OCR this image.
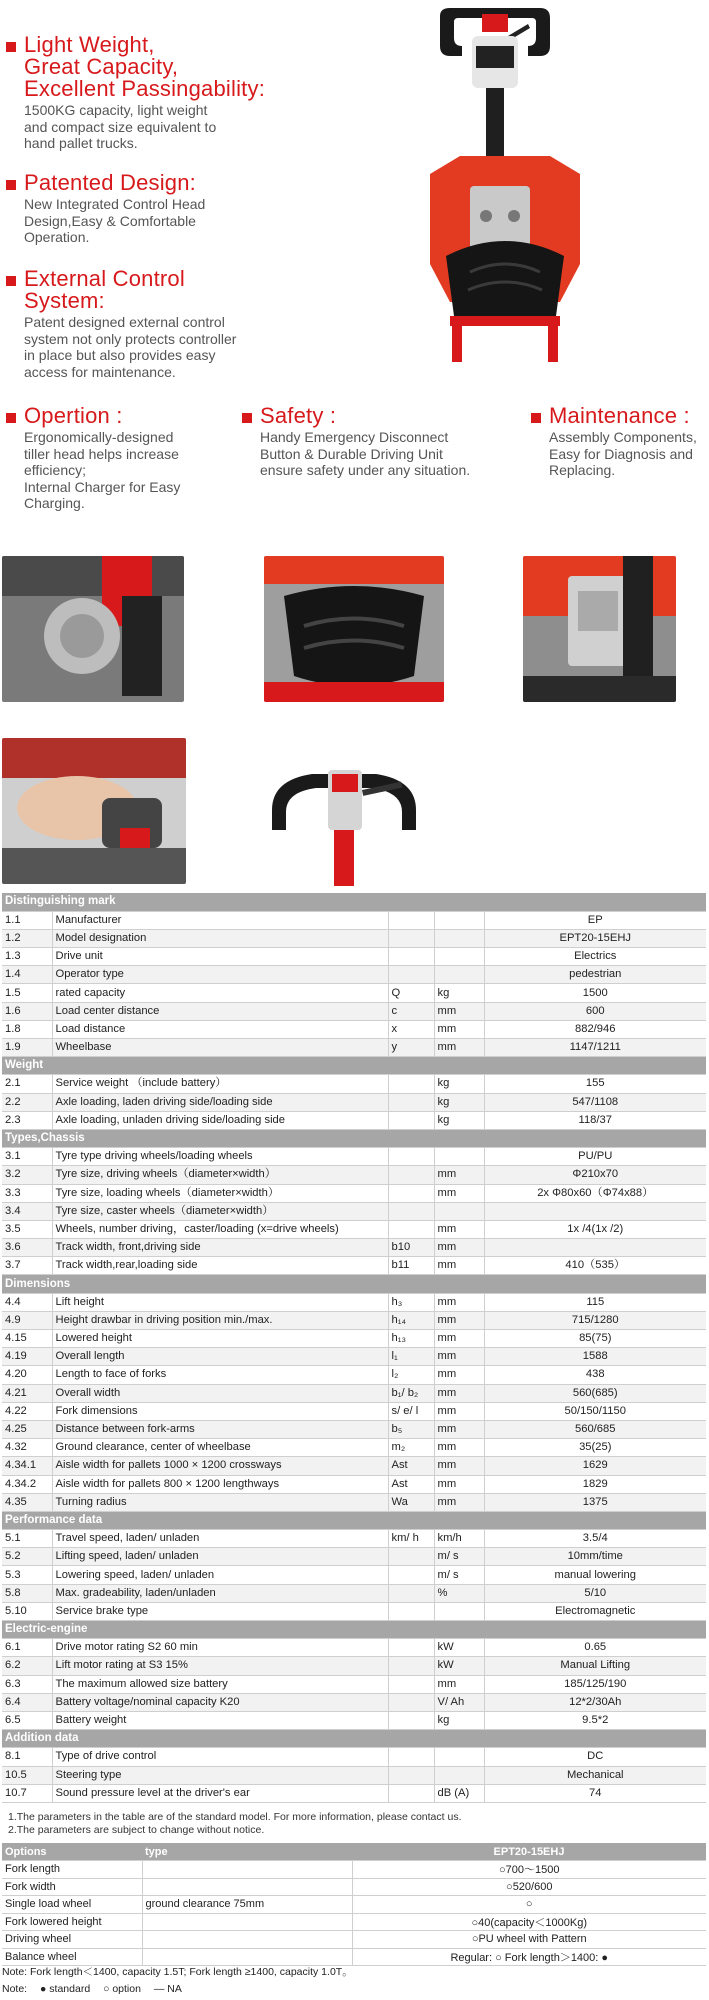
Light Weight,
Great Capacity,
Excellent Passingability:

1500KG capacity, light weight
and compact size equivalent to
hand pallet trucks.

Patented Design:

New Integrated Control Head
Design,Easy & Comfortable
Operation.

External Control
System:

Patent designed external control
system not only protects controller
in place but also provides easy
access for maintenance.

Opertion :

Ergonomically-designed
tiller head helps increase
efficiency;
Internal Charger for Easy
Charging.

Safety :

Handy Emergency Disconnect
Button & Durable Driving Unit
ensure safety under any situation.

Maintenance :

Assembly Components,
Easy for Diagnosis and
Replacing.

Distinguishing mark				
1.1	Manufacturer			EP
1.2	Model designation			EPT20-15EHJ
1.3	Drive unit			Electrics
1.4	Operator type			pedestrian
1.5	rated capacity	Q	kg	1500
1.6	Load center distance	c	mm	600
1.8	Load distance	x	mm	882/946
1.9	Wheelbase	y	mm	1147/1211
Weight				
2.1	Service weight （include battery）		kg	155
2.2	Axle loading, laden driving side/loading side		kg	547/1108
2.3	Axle loading, unladen driving side/loading side		kg	118/37
Types,Chassis				
3.1	Tyre type driving wheels/loading wheels			PU/PU
3.2	Tyre size, driving wheels（diameter×width）		mm	Φ210x70
3.3	Tyre size, loading wheels（diameter×width）		mm	2x Φ80x60（Φ74x88）
3.4	Tyre size, caster wheels（diameter×width）			
3.5	Wheels, number driving，caster/loading (x=drive wheels)		mm	1x /4(1x /2)
3.6	Track width, front,driving side	b10	mm	
3.7	Track width,rear,loading side	b11	mm	410（535）
Dimensions				
4.4	Lift height	h₃	mm	115
4.9	Height drawbar in driving position min./max.	h₁₄	mm	715/1280
4.15	Lowered height	h₁₃	mm	85(75)
4.19	Overall length	l₁	mm	1588
4.20	Length to face of forks	l₂	mm	438
4.21	Overall width	b₁/ b₂	mm	560(685)
4.22	Fork dimensions	s/ e/ l	mm	50/150/1150
4.25	Distance between fork-arms	b₅	mm	560/685
4.32	Ground clearance, center of wheelbase	m₂	mm	35(25)
4.34.1	Aisle width for pallets 1000 × 1200 crossways	Ast	mm	1629
4.34.2	Aisle width for pallets 800 × 1200 lengthways	Ast	mm	1829
4.35	Turning radius	Wa	mm	1375
Performance data				
5.1	Travel speed, laden/ unladen	km/ h	km/h	3.5/4
5.2	Lifting speed, laden/ unladen		m/ s	10mm/time
5.3	Lowering speed, laden/ unladen		m/ s	manual lowering
5.8	Max. gradeability, laden/unladen		%	5/10
5.10	Service brake type			Electromagnetic
Electric-engine				
6.1	Drive motor rating S2 60 min		kW	0.65
6.2	Lift motor rating at S3 15%		kW	Manual Lifting
6.3	The maximum allowed size battery		mm	185/125/190
6.4	Battery voltage/nominal capacity K20		V/ Ah	12*2/30Ah
6.5	Battery weight		kg	9.5*2
Addition data				
8.1	Type of drive control			DC
10.5	Steering type			Mechanical
10.7	Sound pressure level at the driver's ear		dB (A)	74
1.The parameters in the table are of the standard model. For more information, please contact us.
2.The parameters are subject to change without notice.
Options	type	EPT20-15EHJ
Fork length		○700～1500
Fork width		○520/600
Single load wheel	ground clearance 75mm	○
Fork lowered height		○40(capacity＜1000Kg)
Driving wheel		○PU wheel with Pattern
Balance wheel		Regular: ○ Fork length＞1400: ●
Note: Fork length＜1400, capacity 1.5T; Fork length ≥1400, capacity 1.0T。
Note: ● standard ○ option — NA
